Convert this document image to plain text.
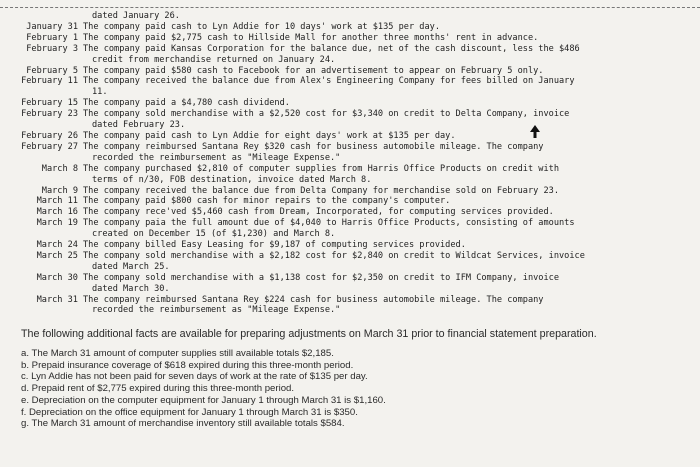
dated January 26.
January 31 The company paid cash to Lyn Addie for 10 days' work at $135 per day.
February 1 The company paid $2,775 cash to Hillside Mall for another three months' rent in advance.
February 3 The company paid Kansas Corporation for the balance due, net of the cash discount, less the $486
credit from merchandise returned on January 24.
February 5 The company paid $580 cash to Facebook for an advertisement to appear on February 5 only.
February 11 The company received the balance due from Alex's Engineering Company for fees billed on January
11.
February 15 The company paid a $4,780 cash dividend.
February 23 The company sold merchandise with a $2,520 cost for $3,340 on credit to Delta Company, invoice
dated February 23.
February 26 The company paid cash to Lyn Addie for eight days' work at $135 per day.
February 27 The company reimbursed Santana Rey $320 cash for business automobile mileage. The company
recorded the reimbursement as "Mileage Expense."
March 8 The company purchased $2,810 of computer supplies from Harris Office Products on credit with
terms of n/30, FOB destination, invoice dated March 8.
March 9 The company received the balance due from Delta Company for merchandise sold on February 23.
March 11 The company paid $800 cash for minor repairs to the company's computer.
March 16 The company rece'ved $5,460 cash from Dream, Incorporated, for computing services provided.
March 19 The company paia the full amount due of $4,040 to Harris Office Products, consisting of amounts
created on December 15 (of $1,230) and March 8.
March 24 The company billed Easy Leasing for $9,187 of computing services provided.
March 25 The company sold merchandise with a $2,182 cost for $2,840 on credit to Wildcat Services, invoice
dated March 25.
March 30 The company sold merchandise with a $1,138 cost for $2,350 on credit to IFM Company, invoice
dated March 30.
March 31 The company reimbursed Santana Rey $224 cash for business automobile mileage. The company
recorded the reimbursement as "Mileage Expense."

The following additional facts are available for preparing adjustments on March 31 prior to financial statement preparation.

a. The March 31 amount of computer supplies still available totals $2,185.
b. Prepaid insurance coverage of $618 expired during this three-month period.
c. Lyn Addie has not been paid for seven days of work at the rate of $135 per day.
d. Prepaid rent of $2,775 expired during this three-month period.
e. Depreciation on the computer equipment for January 1 through March 31 is $1,160.
f. Depreciation on the office equipment for January 1 through March 31 is $350.
g. The March 31 amount of merchandise inventory still available totals $584.
